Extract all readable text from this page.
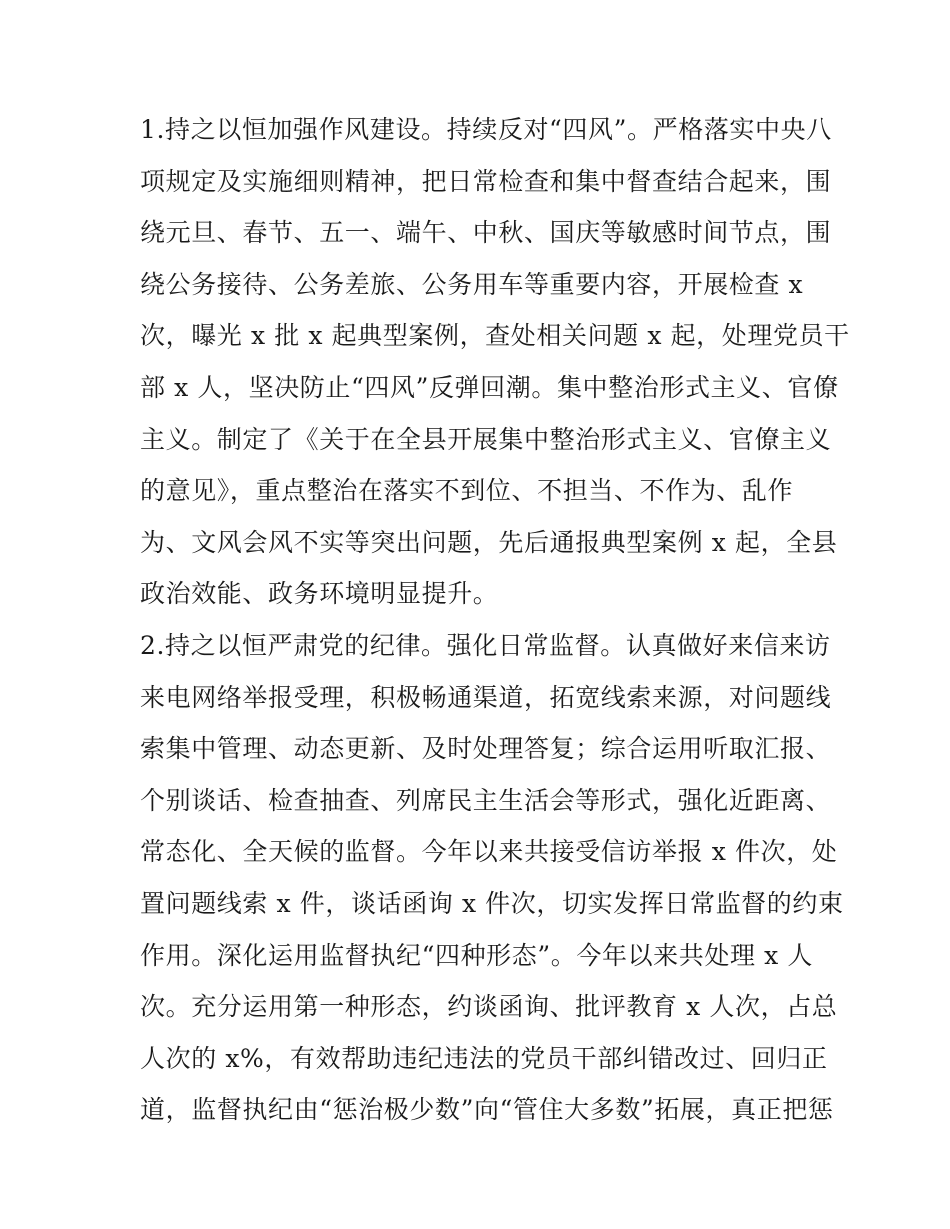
1.持之以恒加强作风建设。持续反对“四风”。严格落实中央八
项规定及实施细则精神，把日常检查和集中督查结合起来，围
绕元旦、春节、五一、端午、中秋、国庆等敏感时间节点，围
绕公务接待、公务差旅、公务用车等重要内容，开展检查 x
次，曝光 x 批 x 起典型案例，查处相关问题 x 起，处理党员干
部 x 人，坚决防止“四风”反弹回潮。集中整治形式主义、官僚
主义。制定了《关于在全县开展集中整治形式主义、官僚主义
的意见》，重点整治在落实不到位、不担当、不作为、乱作
为、文风会风不实等突出问题，先后通报典型案例 x 起，全县
政治效能、政务环境明显提升。
2.持之以恒严肃党的纪律。强化日常监督。认真做好来信来访
来电网络举报受理，积极畅通渠道，拓宽线索来源，对问题线
索集中管理、动态更新、及时处理答复；综合运用听取汇报、
个别谈话、检查抽查、列席民主生活会等形式，强化近距离、
常态化、全天候的监督。今年以来共接受信访举报 x 件次，处
置问题线索 x 件，谈话函询 x 件次，切实发挥日常监督的约束
作用。深化运用监督执纪“四种形态”。今年以来共处理 x 人
次。充分运用第一种形态，约谈函询、批评教育 x 人次，占总
人次的 x%，有效帮助违纪违法的党员干部纠错改过、回归正
道，监督执纪由“惩治极少数”向“管住大多数”拓展，真正把惩
